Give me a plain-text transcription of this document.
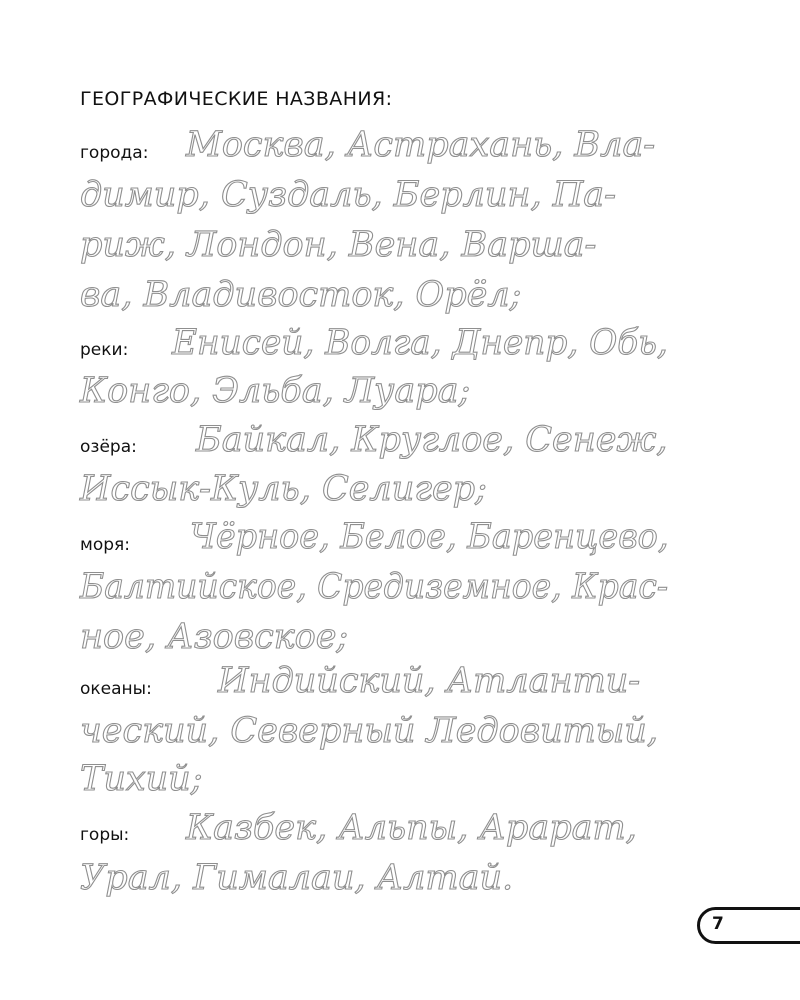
ГЕОГРАФИЧЕСКИЕ НАЗВАНИЯ:
города: Москва, Астрахань, Вла-
димир, Суздаль, Берлин, Па-
риж, Лондон, Вена, Варша-
ва, Владивосток, Орёл;
реки: Енисей, Волга, Днепр, Обь,
Конго, Эльба, Луара;
озёра: Байкал, Круглое, Сенеж,
Иссык-Куль, Селигер;
моря: Чёрное, Белое, Баренцево,
Балтийское, Средиземное, Крас-
ное, Азовское;
океаны: Индийский, Атланти-
ческий, Северный Ледовитый,
Тихий;
горы: Казбек, Альпы, Арарат,
Урал, Гималаи, Алтай.
7
